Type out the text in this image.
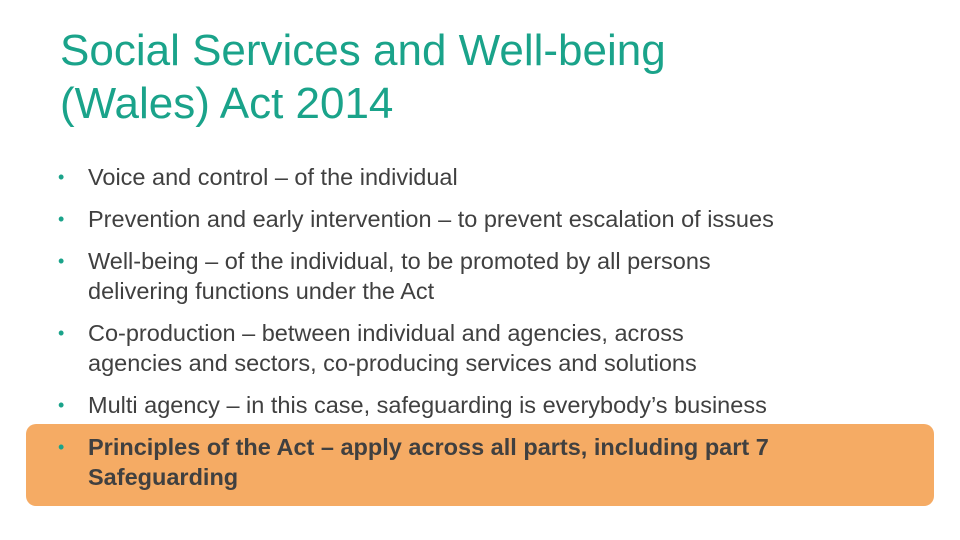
Social Services and Well-being
(Wales) Act 2014
• Voice and control – of the individual
• Prevention and early intervention – to prevent escalation of issues
• Well-being – of the individual, to be promoted by all persons
delivering functions under the Act
• Co-production – between individual and agencies, across
agencies and sectors, co-producing services and solutions
• Multi agency – in this case, safeguarding is everybody’s business
• Principles of the Act – apply across all parts, including part 7
Safeguarding
